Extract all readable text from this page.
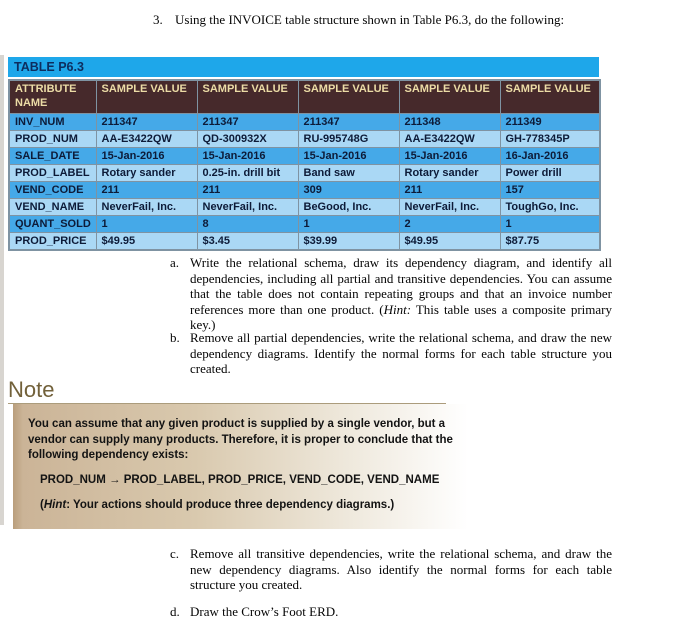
3. Using the INVOICE table structure shown in Table P6.3, do the following:
TABLE P6.3
ATTRIBUTE NAME	SAMPLE VALUE	SAMPLE VALUE	SAMPLE VALUE	SAMPLE VALUE	SAMPLE VALUE
INV_NUM	211347	211347	211347	211348	211349
PROD_NUM	AA-E3422QW	QD-300932X	RU-995748G	AA-E3422QW	GH-778345P
SALE_DATE	15-Jan-2016	15-Jan-2016	15-Jan-2016	15-Jan-2016	16-Jan-2016
PROD_LABEL	Rotary sander	0.25-in. drill bit	Band saw	Rotary sander	Power drill
VEND_CODE	211	211	309	211	157
VEND_NAME	NeverFail, Inc.	NeverFail, Inc.	BeGood, Inc.	NeverFail, Inc.	ToughGo, Inc.
QUANT_SOLD	1	8	1	2	1
PROD_PRICE	$49.95	$3.45	$39.99	$49.95	$87.75
a. Write the relational schema, draw its dependency diagram, and identify all dependencies, including all partial and transitive dependencies. You can assume that the table does not contain repeating groups and that an invoice number references more than one product. (Hint: This table uses a composite primary key.)
b. Remove all partial dependencies, write the relational schema, and draw the new dependency diagrams. Identify the normal forms for each table structure you created.
Note
You can assume that any given product is supplied by a single vendor, but a vendor can supply many products. Therefore, it is proper to conclude that the following dependency exists:
PROD_NUM → PROD_LABEL, PROD_PRICE, VEND_CODE, VEND_NAME
(Hint: Your actions should produce three dependency diagrams.)
c. Remove all transitive dependencies, write the relational schema, and draw the new dependency diagrams. Also identify the normal forms for each table structure you created.
d. Draw the Crow’s Foot ERD.
